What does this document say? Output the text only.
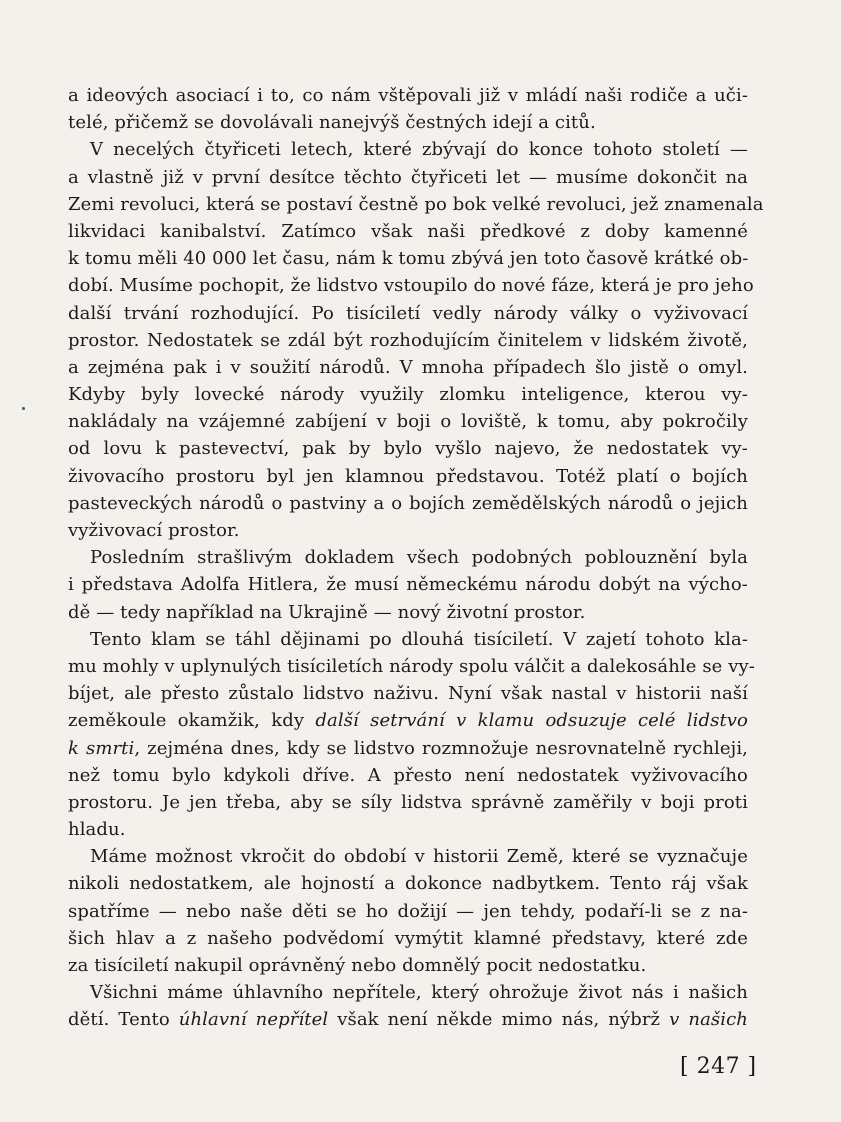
a ideových asociací i to, co nám vštěpovali již v mládí naši rodiče a uči-
telé, přičemž se dovolávali nanejvýš čestných idejí a citů.
V necelých čtyřiceti letech, které zbývají do konce tohoto století —
a vlastně již v první desítce těchto čtyřiceti let — musíme dokončit na
Zemi revoluci, která se postaví čestně po bok velké revoluci, jež znamenala
likvidaci kanibalství. Zatímco však naši předkové z doby kamenné
k tomu měli 40 000 let času, nám k tomu zbývá jen toto časově krátké ob-
dobí. Musíme pochopit, že lidstvo vstoupilo do nové fáze, která je pro jeho
další trvání rozhodující. Po tisíciletí vedly národy války o vyživovací
prostor. Nedostatek se zdál být rozhodujícím činitelem v lidském životě,
a zejména pak i v soužití národů. V mnoha případech šlo jistě o omyl.
Kdyby byly lovecké národy využily zlomku inteligence, kterou vy-
nakládaly na vzájemné zabíjení v boji o loviště, k tomu, aby pokročily
od lovu k pastevectví, pak by bylo vyšlo najevo, že nedostatek vy-
živovacího prostoru byl jen klamnou představou. Totéž platí o bojích
pasteveckých národů o pastviny a o bojích zemědělských národů o jejich
vyživovací prostor.
Posledním strašlivým dokladem všech podobných poblouznění byla
i představa Adolfa Hitlera, že musí německému národu dobýt na výcho-
dě — tedy například na Ukrajině — nový životní prostor.
Tento klam se táhl dějinami po dlouhá tisíciletí. V zajetí tohoto kla-
mu mohly v uplynulých tisíciletích národy spolu válčit a dalekosáhle se vy-
bíjet, ale přesto zůstalo lidstvo naživu. Nyní však nastal v historii naší
zeměkoule okamžik, kdy další setrvání v klamu odsuzuje celé lidstvo
k smrti, zejména dnes, kdy se lidstvo rozmnožuje nesrovnatelně rychleji,
než tomu bylo kdykoli dříve. A přesto není nedostatek vyživovacího
prostoru. Je jen třeba, aby se síly lidstva správně zaměřily v boji proti
hladu.
Máme možnost vkročit do období v historii Země, které se vyznačuje
nikoli nedostatkem, ale hojností a dokonce nadbytkem. Tento ráj však
spatříme — nebo naše děti se ho dožijí — jen tehdy, podaří-li se z na-
šich hlav a z našeho podvědomí vymýtit klamné představy, které zde
za tisíciletí nakupil oprávněný nebo domnělý pocit nedostatku.
Všichni máme úhlavního nepřítele, který ohrožuje život nás i našich
dětí. Tento úhlavní nepřítel však není někde mimo nás, nýbrž v našich
[ 247 ]
